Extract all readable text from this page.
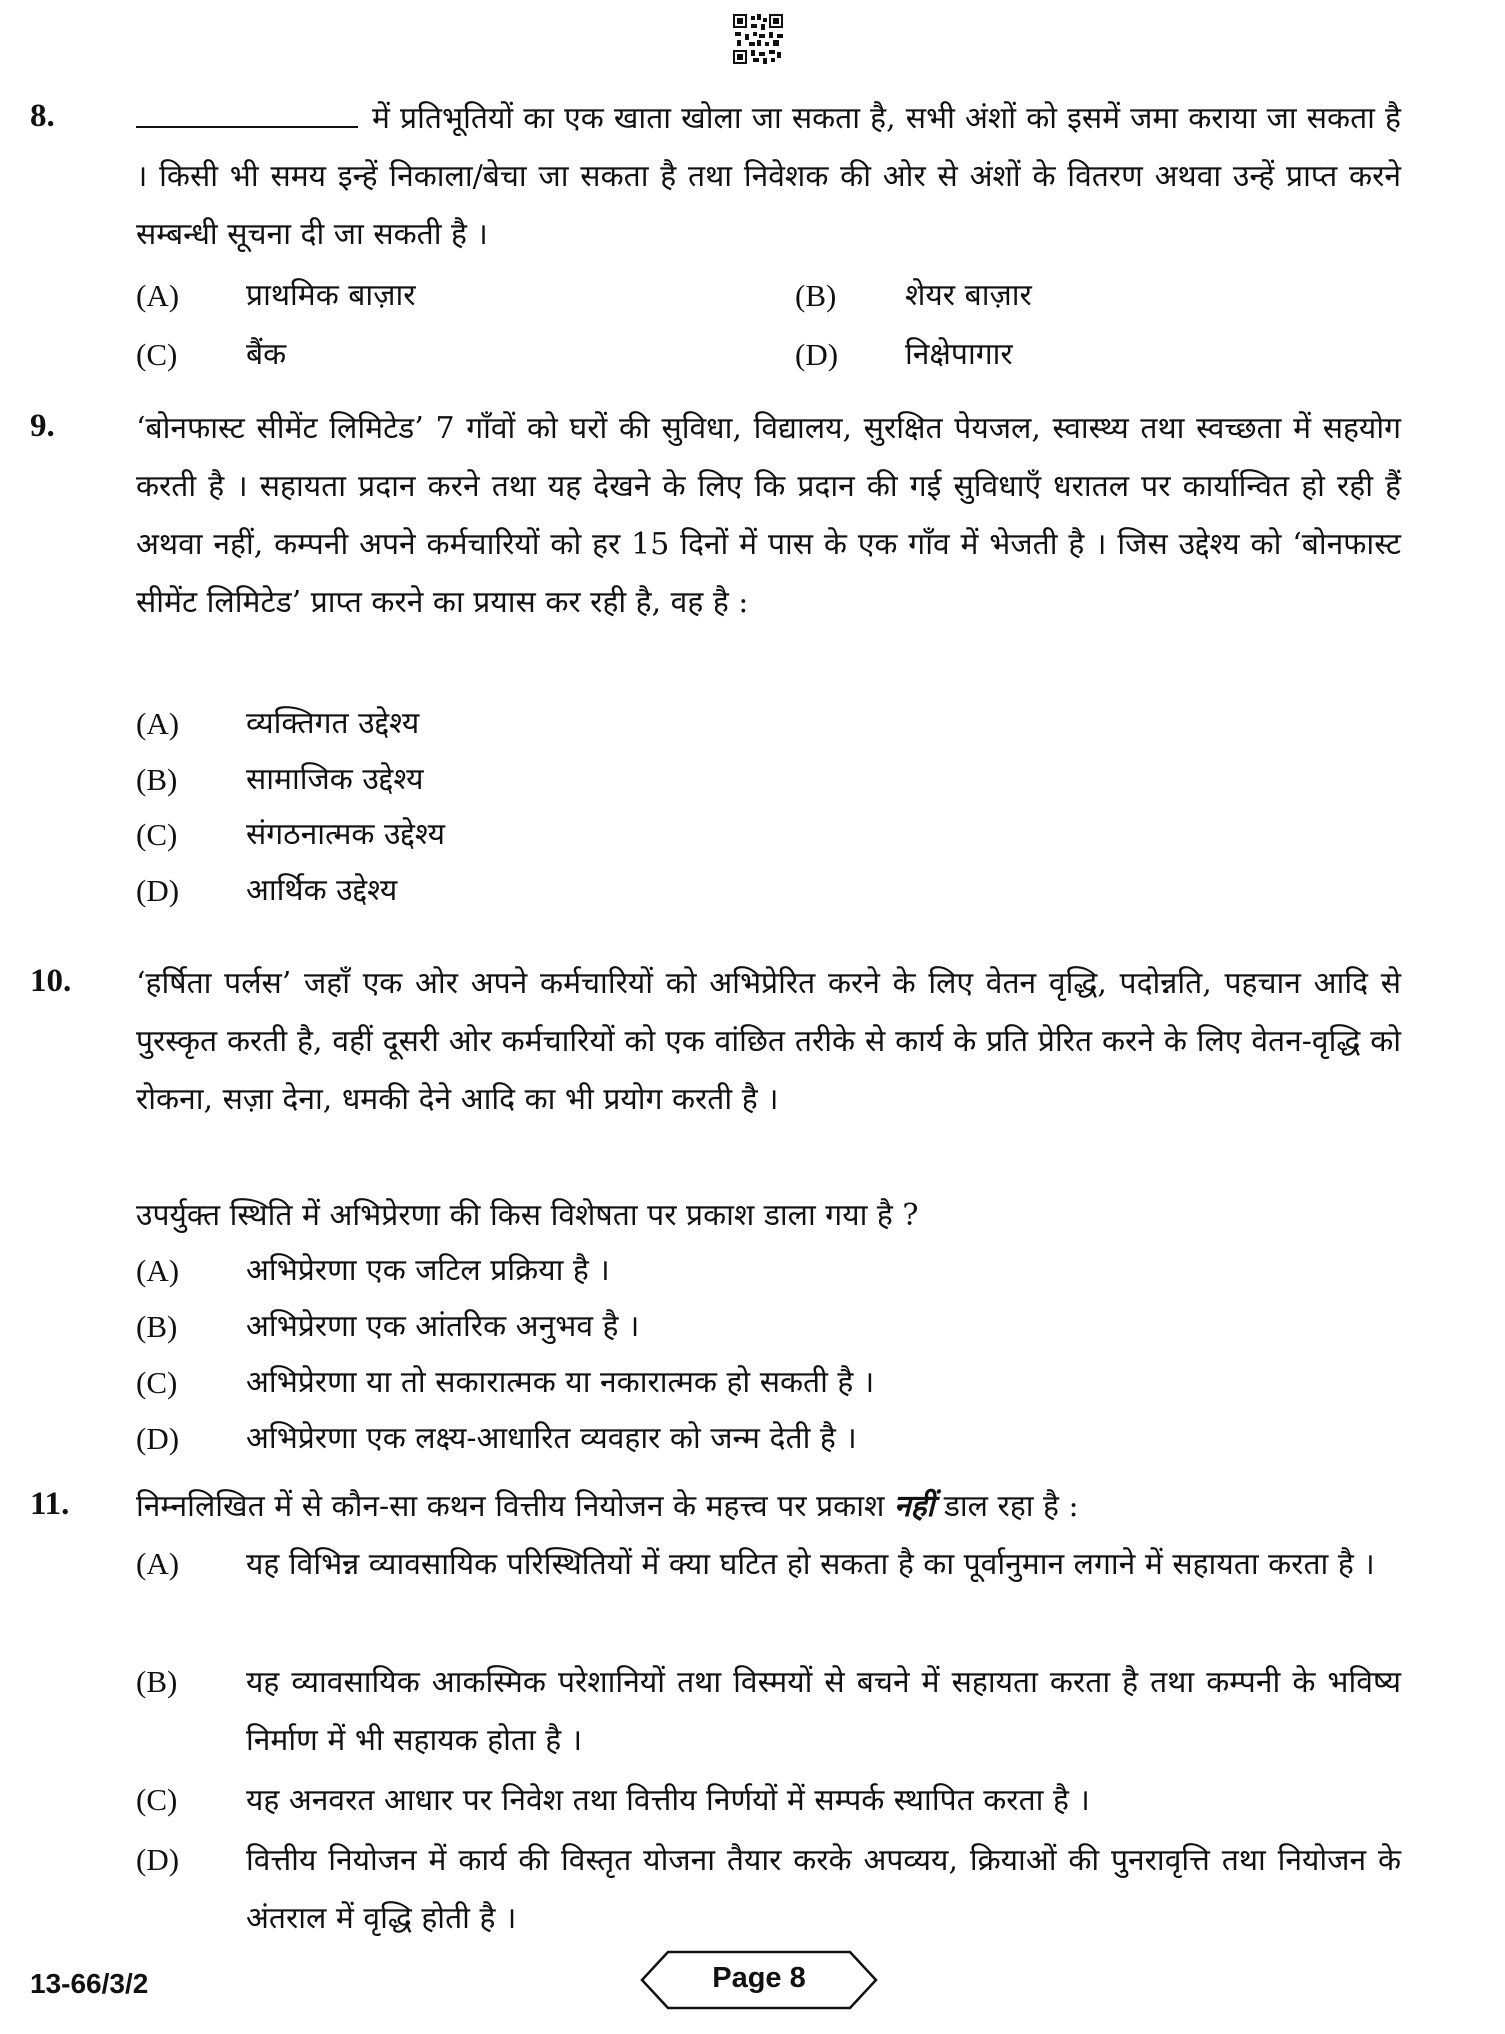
8.	में प्रतिभूतियों का एक खाता खोला जा सकता है, सभी अंशों को इसमें जमा कराया जा सकता है । किसी भी समय इन्हें निकाला/बेचा जा सकता है तथा निवेशक की ओर से अंशों के वितरण अथवा उन्हें प्राप्त करने सम्बन्धी सूचना दी जा सकती है ।
(A) प्राथमिक बाज़ार	(B) शेयर बाज़ार
(C) बैंक	(D) निक्षेपागार
9.	‘बोनफास्ट सीमेंट लिमिटेड’ 7 गाँवों को घरों की सुविधा, विद्यालय, सुरक्षित पेयजल, स्वास्थ्य तथा स्वच्छता में सहयोग करती है । सहायता प्रदान करने तथा यह देखने के लिए कि प्रदान की गई सुविधाएँ धरातल पर कार्यान्वित हो रही हैं अथवा नहीं, कम्पनी अपने कर्मचारियों को हर 15 दिनों में पास के एक गाँव में भेजती है । जिस उद्देश्य को ‘बोनफास्ट सीमेंट लिमिटेड’ प्राप्त करने का प्रयास कर रही है, वह है :
(A) व्यक्तिगत उद्देश्य
(B) सामाजिक उद्देश्य
(C) संगठनात्मक उद्देश्य
(D) आर्थिक उद्देश्य
10. ‘हर्षिता पर्लस’ जहाँ एक ओर अपने कर्मचारियों को अभिप्रेरित करने के लिए वेतन वृद्धि, पदोन्नति, पहचान आदि से पुरस्कृत करती है, वहीं दूसरी ओर कर्मचारियों को एक वांछित तरीके से कार्य के प्रति प्रेरित करने के लिए वेतन-वृद्धि को रोकना, सज़ा देना, धमकी देने आदि का भी प्रयोग करती है ।
उपर्युक्त स्थिति में अभिप्रेरणा की किस विशेषता पर प्रकाश डाला गया है ?
(A) अभिप्रेरणा एक जटिल प्रक्रिया है ।
(B) अभिप्रेरणा एक आंतरिक अनुभव है ।
(C) अभिप्रेरणा या तो सकारात्मक या नकारात्मक हो सकती है ।
(D) अभिप्रेरणा एक लक्ष्य-आधारित व्यवहार को जन्म देती है ।
11. निम्नलिखित में से कौन-सा कथन वित्तीय नियोजन के महत्त्व पर प्रकाश नहीं डाल रहा है :
(A) यह विभिन्न व्यावसायिक परिस्थितियों में क्या घटित हो सकता है का पूर्वानुमान लगाने में सहायता करता है ।
(B) यह व्यावसायिक आकस्मिक परेशानियों तथा विस्मयों से बचने में सहायता करता है तथा कम्पनी के भविष्य निर्माण में भी सहायक होता है ।
(C) यह अनवरत आधार पर निवेश तथा वित्तीय निर्णयों में सम्पर्क स्थापित करता है ।
(D) वित्तीय नियोजन में कार्य की विस्तृत योजना तैयार करके अपव्यय, क्रियाओं की पुनरावृत्ति तथा नियोजन के अंतराल में वृद्धि होती है ।
13-66/3/2	Page 8
